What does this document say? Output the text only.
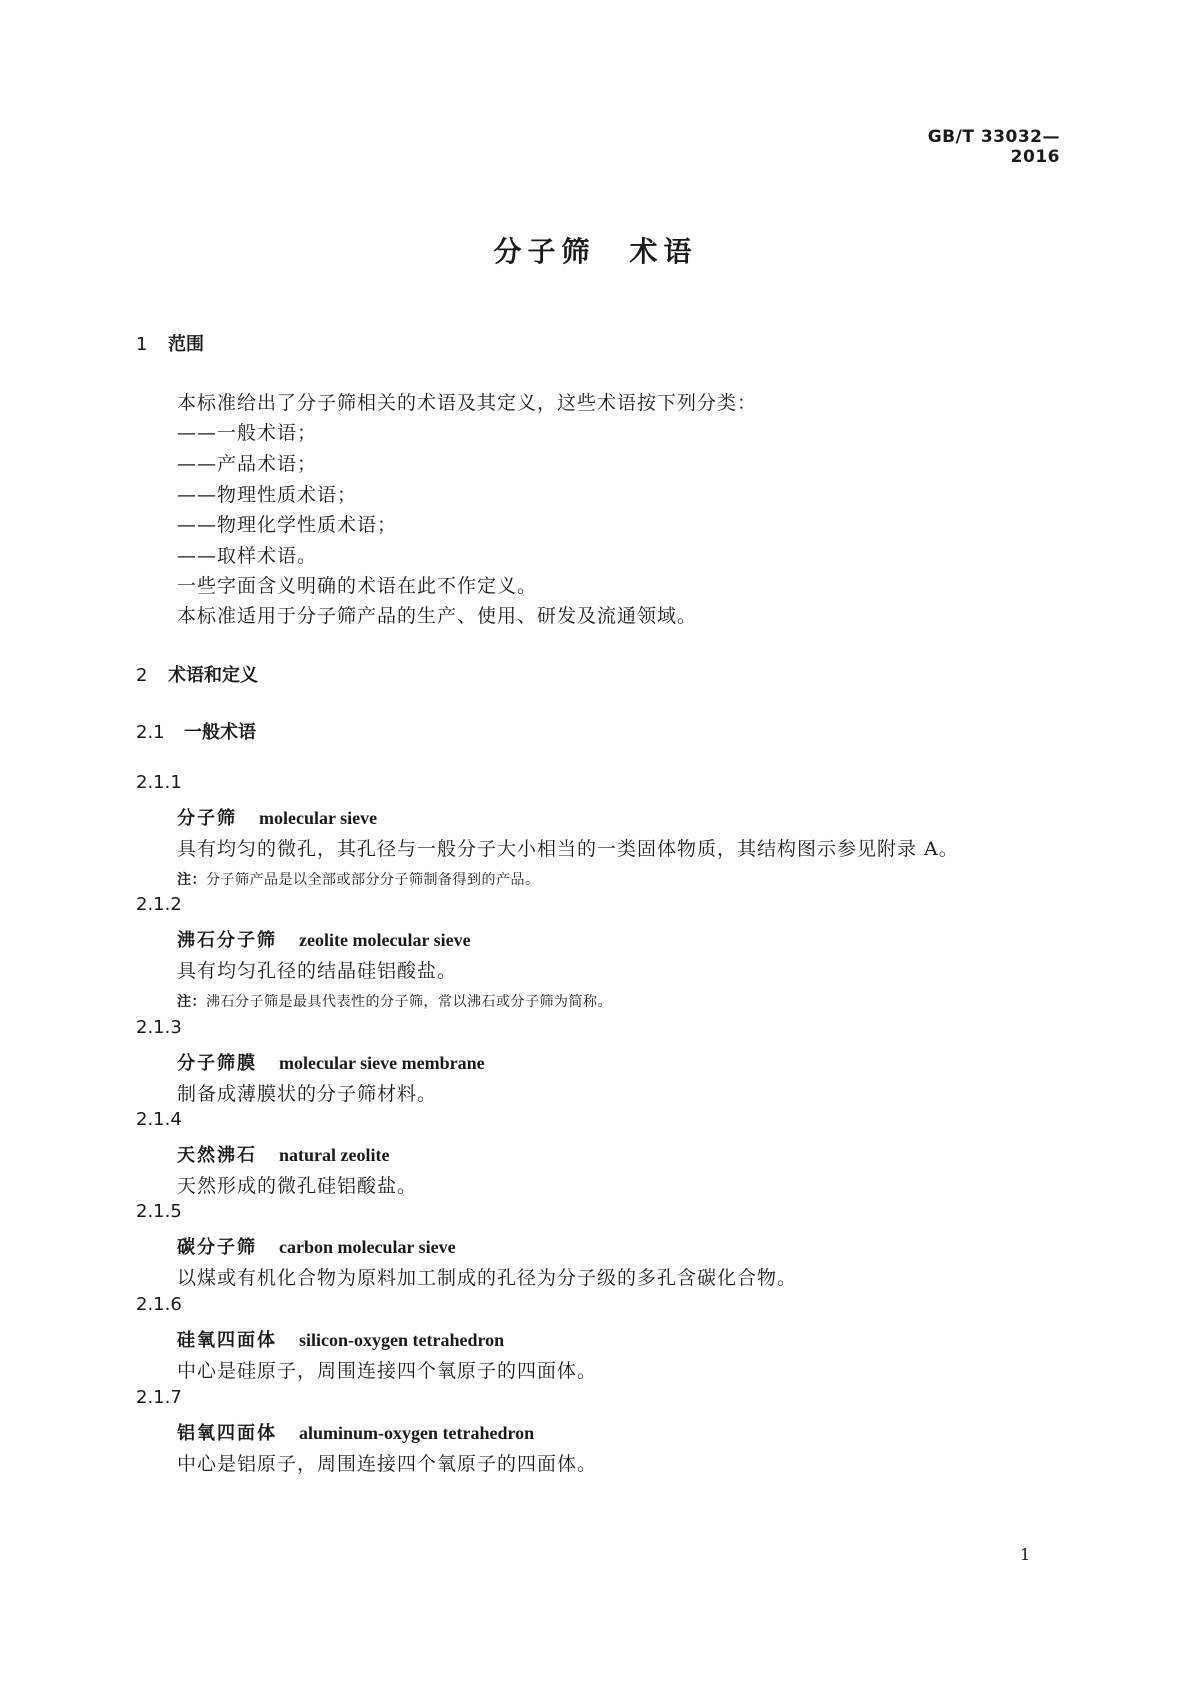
GB/T 33032—2016
分子筛　术语
1 范围
本标准给出了分子筛相关的术语及其定义，这些术语按下列分类：
——一般术语；
——产品术语；
——物理性质术语；
——物理化学性质术语；
——取样术语。
一些字面含义明确的术语在此不作定义。
本标准适用于分子筛产品的生产、使用、研发及流通领域。
2 术语和定义
2.1 一般术语
2.1.1
分子筛 molecular sieve
具有均匀的微孔，其孔径与一般分子大小相当的一类固体物质，其结构图示参见附录 A。
注：分子筛产品是以全部或部分分子筛制备得到的产品。
2.1.2
沸石分子筛 zeolite molecular sieve
具有均匀孔径的结晶硅铝酸盐。
注：沸石分子筛是最具代表性的分子筛，常以沸石或分子筛为简称。
2.1.3
分子筛膜 molecular sieve membrane
制备成薄膜状的分子筛材料。
2.1.4
天然沸石 natural zeolite
天然形成的微孔硅铝酸盐。
2.1.5
碳分子筛 carbon molecular sieve
以煤或有机化合物为原料加工制成的孔径为分子级的多孔含碳化合物。
2.1.6
硅氧四面体 silicon-oxygen tetrahedron
中心是硅原子，周围连接四个氧原子的四面体。
2.1.7
铝氧四面体 aluminum-oxygen tetrahedron
中心是铝原子，周围连接四个氧原子的四面体。
1
